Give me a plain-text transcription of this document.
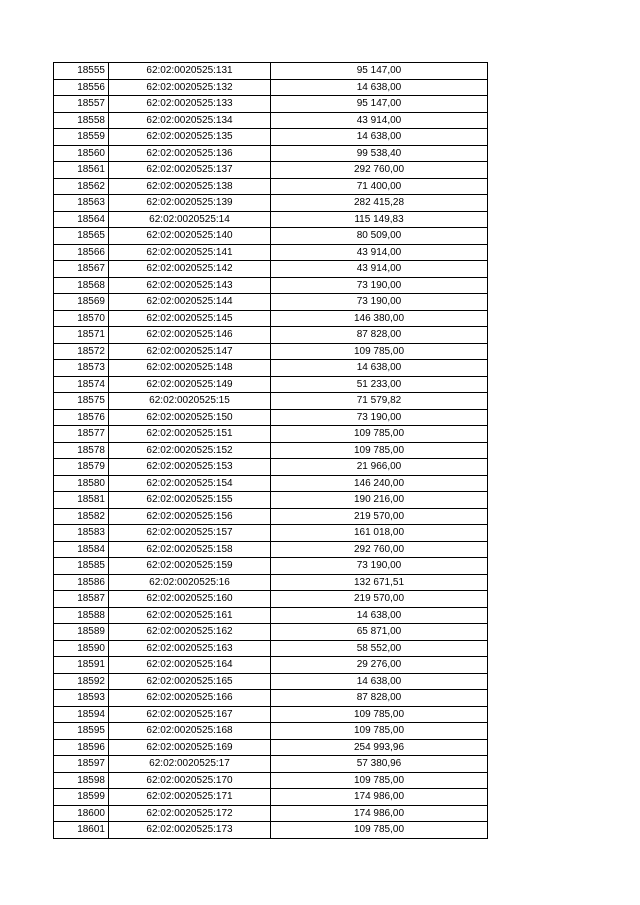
18555	62:02:0020525:131	95 147,00
18556	62:02:0020525:132	14 638,00
18557	62:02:0020525:133	95 147,00
18558	62:02:0020525:134	43 914,00
18559	62:02:0020525:135	14 638,00
18560	62:02:0020525:136	99 538,40
18561	62:02:0020525:137	292 760,00
18562	62:02:0020525:138	71 400,00
18563	62:02:0020525:139	282 415,28
18564	62:02:0020525:14	115 149,83
18565	62:02:0020525:140	80 509,00
18566	62:02:0020525:141	43 914,00
18567	62:02:0020525:142	43 914,00
18568	62:02:0020525:143	73 190,00
18569	62:02:0020525:144	73 190,00
18570	62:02:0020525:145	146 380,00
18571	62:02:0020525:146	87 828,00
18572	62:02:0020525:147	109 785,00
18573	62:02:0020525:148	14 638,00
18574	62:02:0020525:149	51 233,00
18575	62:02:0020525:15	71 579,82
18576	62:02:0020525:150	73 190,00
18577	62:02:0020525:151	109 785,00
18578	62:02:0020525:152	109 785,00
18579	62:02:0020525:153	21 966,00
18580	62:02:0020525:154	146 240,00
18581	62:02:0020525:155	190 216,00
18582	62:02:0020525:156	219 570,00
18583	62:02:0020525:157	161 018,00
18584	62:02:0020525:158	292 760,00
18585	62:02:0020525:159	73 190,00
18586	62:02:0020525:16	132 671,51
18587	62:02:0020525:160	219 570,00
18588	62:02:0020525:161	14 638,00
18589	62:02:0020525:162	65 871,00
18590	62:02:0020525:163	58 552,00
18591	62:02:0020525:164	29 276,00
18592	62:02:0020525:165	14 638,00
18593	62:02:0020525:166	87 828,00
18594	62:02:0020525:167	109 785,00
18595	62:02:0020525:168	109 785,00
18596	62:02:0020525:169	254 993,96
18597	62:02:0020525:17	57 380,96
18598	62:02:0020525:170	109 785,00
18599	62:02:0020525:171	174 986,00
18600	62:02:0020525:172	174 986,00
18601	62:02:0020525:173	109 785,00
